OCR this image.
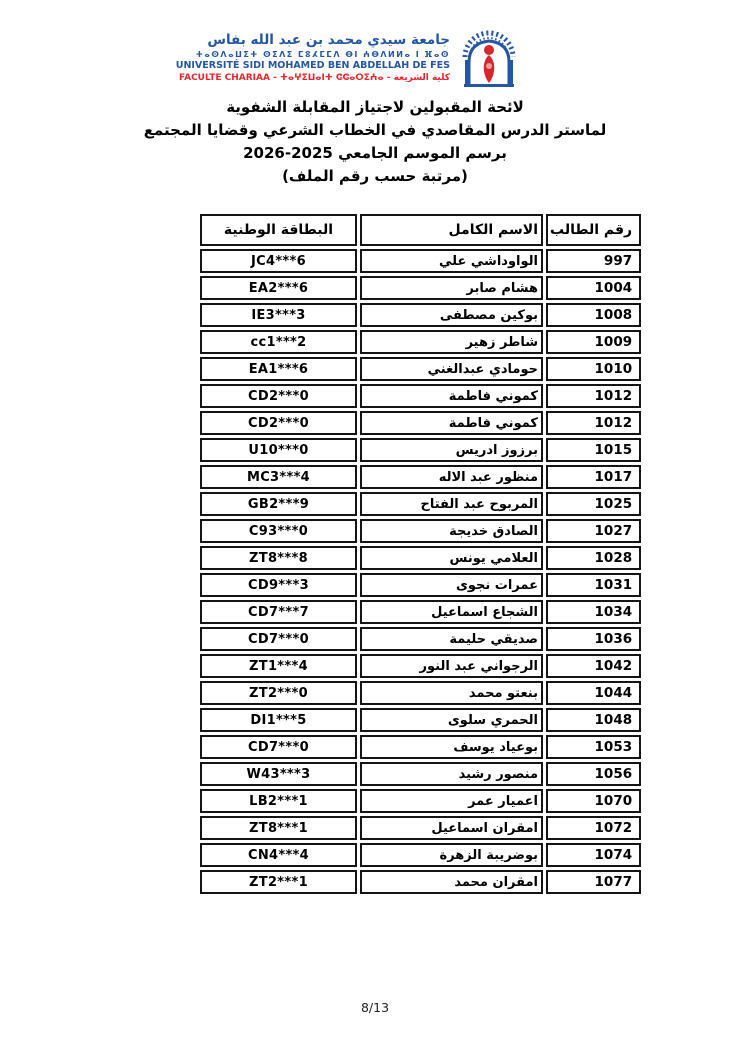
جامعة سيدي محمد بن عبد الله بفاس
ⵜⴰⵙⴷⴰⵡⵉⵜ ⵙⵉⴷⵉ ⵎⵓⵃⵎⵎⴷ ⴱⵏ ⵄⴱⴷⵍⵍⴰ ⵏ ⴼⴰⵙ
UNIVERSITÉ SIDI MOHAMED BEN ABDELLAH DE FES
FACULTE CHARIAA - ⵜⴰⵖⵉⵡⴰⵏⵜ ⵛⵛⴰⵔⵉⵄⴰ - كلية الشريعة
لائحة المقبولين لاجتياز المقابلة الشفوية
لماستر الدرس المقاصدي في الخطاب الشرعي وقضايا المجتمع
برسم الموسم الجامعي 2025-2026
(مرتبة حسب رقم الملف)
رقم الطالب	الاسم الكامل	البطاقة الوطنية
997	الواوداشي علي	JC4***6
1004	هشام صابر	EA2***6
1008	بوكين مصطفى	IE3***3
1009	شاطر زهير	cc1***2
1010	حومادي عبدالغني	EA1***6
1012	كموني فاطمة	CD2***0
1012	كموني فاطمة	CD2***0
1015	برزوز ادريس	U10***0
1017	منظور عبد الاله	MC3***4
1025	المربوح عبد الفتاح	GB2***9
1027	الصادق خديجة	C93***0
1028	العلامي يونس	ZT8***8
1031	عمرات نجوى	CD9***3
1034	الشجاع اسماعيل	CD7***7
1036	صديقي حليمة	CD7***0
1042	الرجواني عبد النور	ZT1***4
1044	بنعتو محمد	ZT2***0
1048	الحمري سلوى	DI1***5
1053	بوعياد يوسف	CD7***0
1056	منصور رشيد	W43***3
1070	اعميار عمر	LB2***1
1072	امقران اسماعيل	ZT8***1
1074	بوضريبة الزهرة	CN4***4
1077	امقران محمد	ZT2***1
8/13
